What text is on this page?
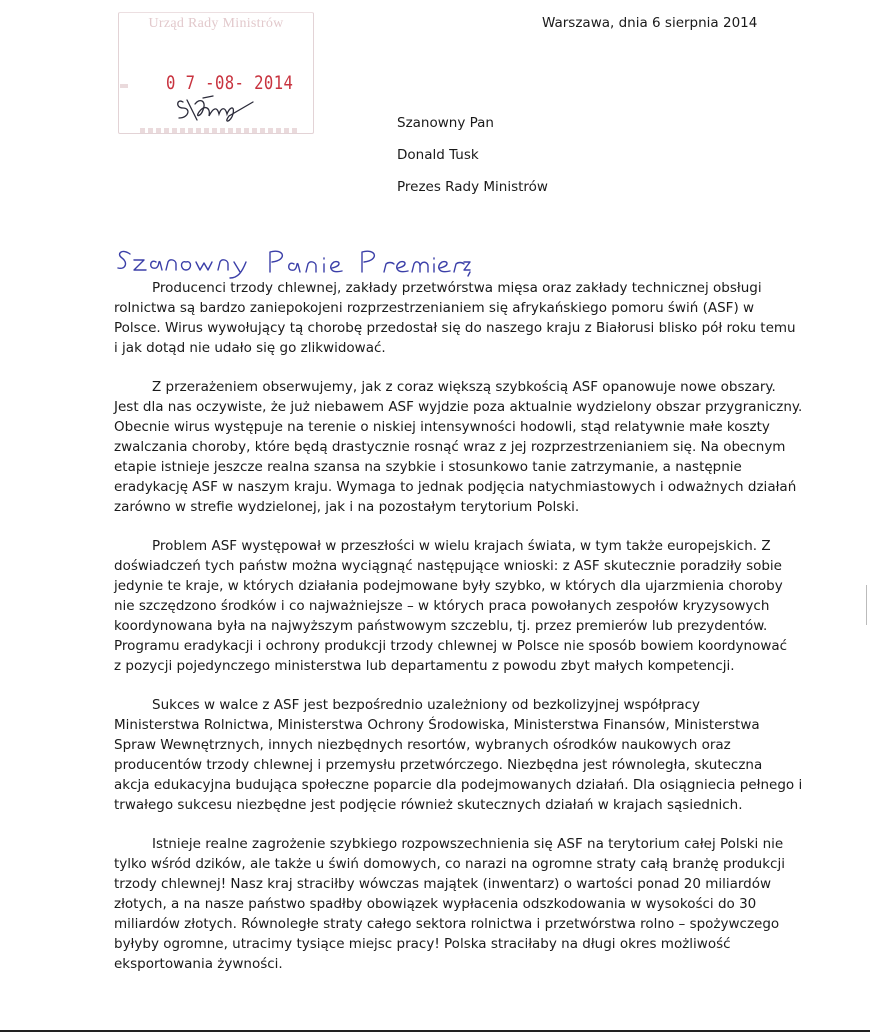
Urząd Rady Ministrów
0 7 -08- 2014
Warszawa, dnia 6 sierpnia 2014
Szanowny Pan
Donald Tusk
Prezes Rady Ministrów
Producenci trzody chlewnej, zakłady przetwórstwa mięsa oraz zakłady technicznej obsługi
rolnictwa są bardzo zaniepokojeni rozprzestrzenianiem się afrykańskiego pomoru świń (ASF) w
Polsce. Wirus wywołujący tą chorobę przedostał się do naszego kraju z Białorusi blisko pół roku temu
i jak dotąd nie udało się go zlikwidować.
Z przerażeniem obserwujemy, jak z coraz większą szybkością ASF opanowuje nowe obszary.
Jest dla nas oczywiste, że już niebawem ASF wyjdzie poza aktualnie wydzielony obszar przygraniczny.
Obecnie wirus występuje na terenie o niskiej intensywności hodowli, stąd relatywnie małe koszty
zwalczania choroby, które będą drastycznie rosnąć wraz z jej rozprzestrzenianiem się. Na obecnym
etapie istnieje jeszcze realna szansa na szybkie i stosunkowo tanie zatrzymanie, a następnie
eradykację ASF w naszym kraju. Wymaga to jednak podjęcia natychmiastowych i odważnych działań
zarówno w strefie wydzielonej, jak i na pozostałym terytorium Polski.
Problem ASF występował w przeszłości w wielu krajach świata, w tym także europejskich. Z
doświadczeń tych państw można wyciągnąć następujące wnioski: z ASF skutecznie poradziły sobie
jedynie te kraje, w których działania podejmowane były szybko, w których dla ujarzmienia choroby
nie szczędzono środków i co najważniejsze – w których praca powołanych zespołów kryzysowych
koordynowana była na najwyższym państwowym szczeblu, tj. przez premierów lub prezydentów.
Programu eradykacji i ochrony produkcji trzody chlewnej w Polsce nie sposób bowiem koordynować
z pozycji pojedynczego ministerstwa lub departamentu z powodu zbyt małych kompetencji.
Sukces w walce z ASF jest bezpośrednio uzależniony od bezkolizyjnej współpracy
Ministerstwa Rolnictwa, Ministerstwa Ochrony Środowiska, Ministerstwa Finansów, Ministerstwa
Spraw Wewnętrznych, innych niezbędnych resortów, wybranych ośrodków naukowych oraz
producentów trzody chlewnej i przemysłu przetwórczego. Niezbędna jest równoległa, skuteczna
akcja edukacyjna budująca społeczne poparcie dla podejmowanych działań. Dla osiągniecia pełnego i
trwałego sukcesu niezbędne jest podjęcie również skutecznych działań w krajach sąsiednich.
Istnieje realne zagrożenie szybkiego rozpowszechnienia się ASF na terytorium całej Polski nie
tylko wśród dzików, ale także u świń domowych, co narazi na ogromne straty całą branżę produkcji
trzody chlewnej! Nasz kraj straciłby wówczas majątek (inwentarz) o wartości ponad 20 miliardów
złotych, a na nasze państwo spadłby obowiązek wypłacenia odszkodowania w wysokości do 30
miliardów złotych. Równoległe straty całego sektora rolnictwa i przetwórstwa rolno – spożywczego
byłyby ogromne, utracimy tysiące miejsc pracy! Polska straciłaby na długi okres możliwość
eksportowania żywności.
